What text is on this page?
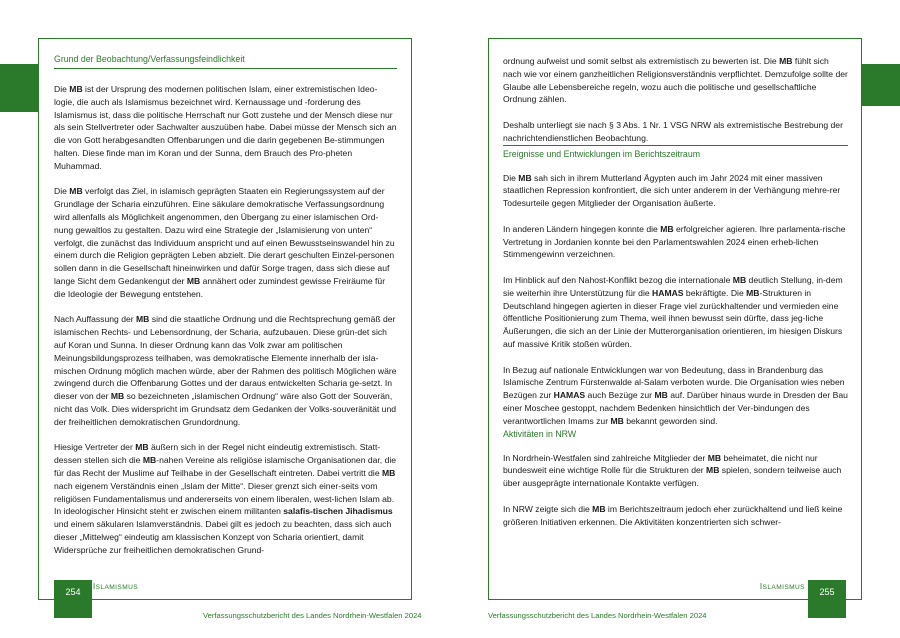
Grund der Beobachtung/Verfassungsfeindlichkeit

Die MB ist der Ursprung des modernen politischen Islam, einer extremistischen Ideo-logie, die auch als Islamismus bezeichnet wird. Kernaussage und -forderung des Islamismus ist, dass die politische Herrschaft nur Gott zustehe und der Mensch diese nur als sein Stellvertreter oder Sachwalter auszuüben habe. Dabei müsse der Mensch sich an die von Gott herabgesandten Offenbarungen und die darin gegebenen Be-stimmungen halten. Diese finde man im Koran und der Sunna, dem Brauch des Pro-pheten Muhammad.

Die MB verfolgt das Ziel, in islamisch geprägten Staaten ein Regierungssystem auf der Grundlage der Scharia einzuführen. Eine säkulare demokratische Verfassungsordnung wird allenfalls als Möglichkeit angenommen, den Übergang zu einer islamischen Ord-nung gewaltlos zu gestalten. Dazu wird eine Strategie der „Islamisierung von unten“ verfolgt, die zunächst das Individuum anspricht und auf einen Bewusstseinswandel hin zu einem durch die Religion geprägten Leben abzielt. Die derart geschulten Einzel-personen sollen dann in die Gesellschaft hineinwirken und dafür Sorge tragen, dass sich diese auf lange Sicht dem Gedankengut der MB annähert oder zumindest gewisse Freiräume für die Ideologie der Bewegung entstehen.

Nach Auffassung der MB sind die staatliche Ordnung und die Rechtsprechung gemäß der islamischen Rechts- und Lebensordnung, der Scharia, aufzubauen. Diese grün-det sich auf Koran und Sunna. In dieser Ordnung kann das Volk zwar am politischen Meinungsbildungsprozess teilhaben, was demokratische Elemente innerhalb der isla-mischen Ordnung möglich machen würde, aber der Rahmen des politisch Möglichen wäre zwingend durch die Offenbarung Gottes und der daraus entwickelten Scharia ge-setzt. In dieser von der MB so bezeichneten „islamischen Ordnung“ wäre also Gott der Souverän, nicht das Volk. Dies widerspricht im Grundsatz dem Gedanken der Volks-souveränität und der freiheitlichen demokratischen Grundordnung.

Hiesige Vertreter der MB äußern sich in der Regel nicht eindeutig extremistisch. Statt-dessen stellen sich die MB-nahen Vereine als religiöse islamische Organisationen dar, die für das Recht der Muslime auf Teilhabe in der Gesellschaft eintreten. Dabei vertritt die MB nach eigenem Verständnis einen „Islam der Mitte“. Dieser grenzt sich einer-seits vom religiösen Fundamentalismus und andererseits von einem liberalen, west-lichen Islam ab. In ideologischer Hinsicht steht er zwischen einem militanten salafis-tischen Jihadismus und einem säkularen Islamverständnis. Dabei gilt es jedoch zu beachten, dass sich auch dieser „Mittelweg“ eindeutig am klassischen Konzept von Scharia orientiert, damit Widersprüche zur freiheitlichen demokratischen Grund-

254
ISLAMISMUS

ordnung aufweist und somit selbst als extremistisch zu bewerten ist. Die MB fühlt sich nach wie vor einem ganzheitlichen Religionsverständnis verpflichtet. Demzufolge sollte der Glaube alle Lebensbereiche regeln, wozu auch die politische und gesellschaftliche Ordnung zählen.

Deshalb unterliegt sie nach § 3 Abs. 1 Nr. 1 VSG NRW als extremistische Bestrebung der nachrichtendienstlichen Beobachtung.

Ereignisse und Entwicklungen im Berichtszeitraum

Die MB sah sich in ihrem Mutterland Ägypten auch im Jahr 2024 mit einer massiven staatlichen Repression konfrontiert, die sich unter anderem in der Verhängung mehre-rer Todesurteile gegen Mitglieder der Organisation äußerte.

In anderen Ländern hingegen konnte die MB erfolgreicher agieren. Ihre parlamenta-rische Vertretung in Jordanien konnte bei den Parlamentswahlen 2024 einen erheb-lichen Stimmengewinn verzeichnen.

Im Hinblick auf den Nahost-Konflikt bezog die internationale MB deutlich Stellung, in-dem sie weiterhin ihre Unterstützung für die HAMAS bekräftigte. Die MB-Strukturen in Deutschland hingegen agierten in dieser Frage viel zurückhaltender und vermieden eine öffentliche Positionierung zum Thema, weil ihnen bewusst sein dürfte, dass jeg-liche Äußerungen, die sich an der Linie der Mutterorganisation orientieren, im hiesigen Diskurs auf massive Kritik stoßen würden.

In Bezug auf nationale Entwicklungen war von Bedeutung, dass in Brandenburg das Islamische Zentrum Fürstenwalde al-Salam verboten wurde. Die Organisation wies neben Bezügen zur HAMAS auch Bezüge zur MB auf. Darüber hinaus wurde in Dresden der Bau einer Moschee gestoppt, nachdem Bedenken hinsichtlich der Ver-bindungen des verantwortlichen Imams zur MB bekannt geworden sind.

Aktivitäten in NRW

In Nordrhein-Westfalen sind zahlreiche Mitglieder der MB beheimatet, die nicht nur bundesweit eine wichtige Rolle für die Strukturen der MB spielen, sondern teilweise auch über ausgeprägte internationale Kontakte verfügen.

In NRW zeigte sich die MB im Berichtszeitraum jedoch eher zurückhaltend und ließ keine größeren Initiativen erkennen. Die Aktivitäten konzentrierten sich schwer-

255
ISLAMISMUS
Verfassungsschutzbericht des Landes Nordrhein-Westfalen 2024	Verfassungsschutzbericht des Landes Nordrhein-Westfalen 2024
